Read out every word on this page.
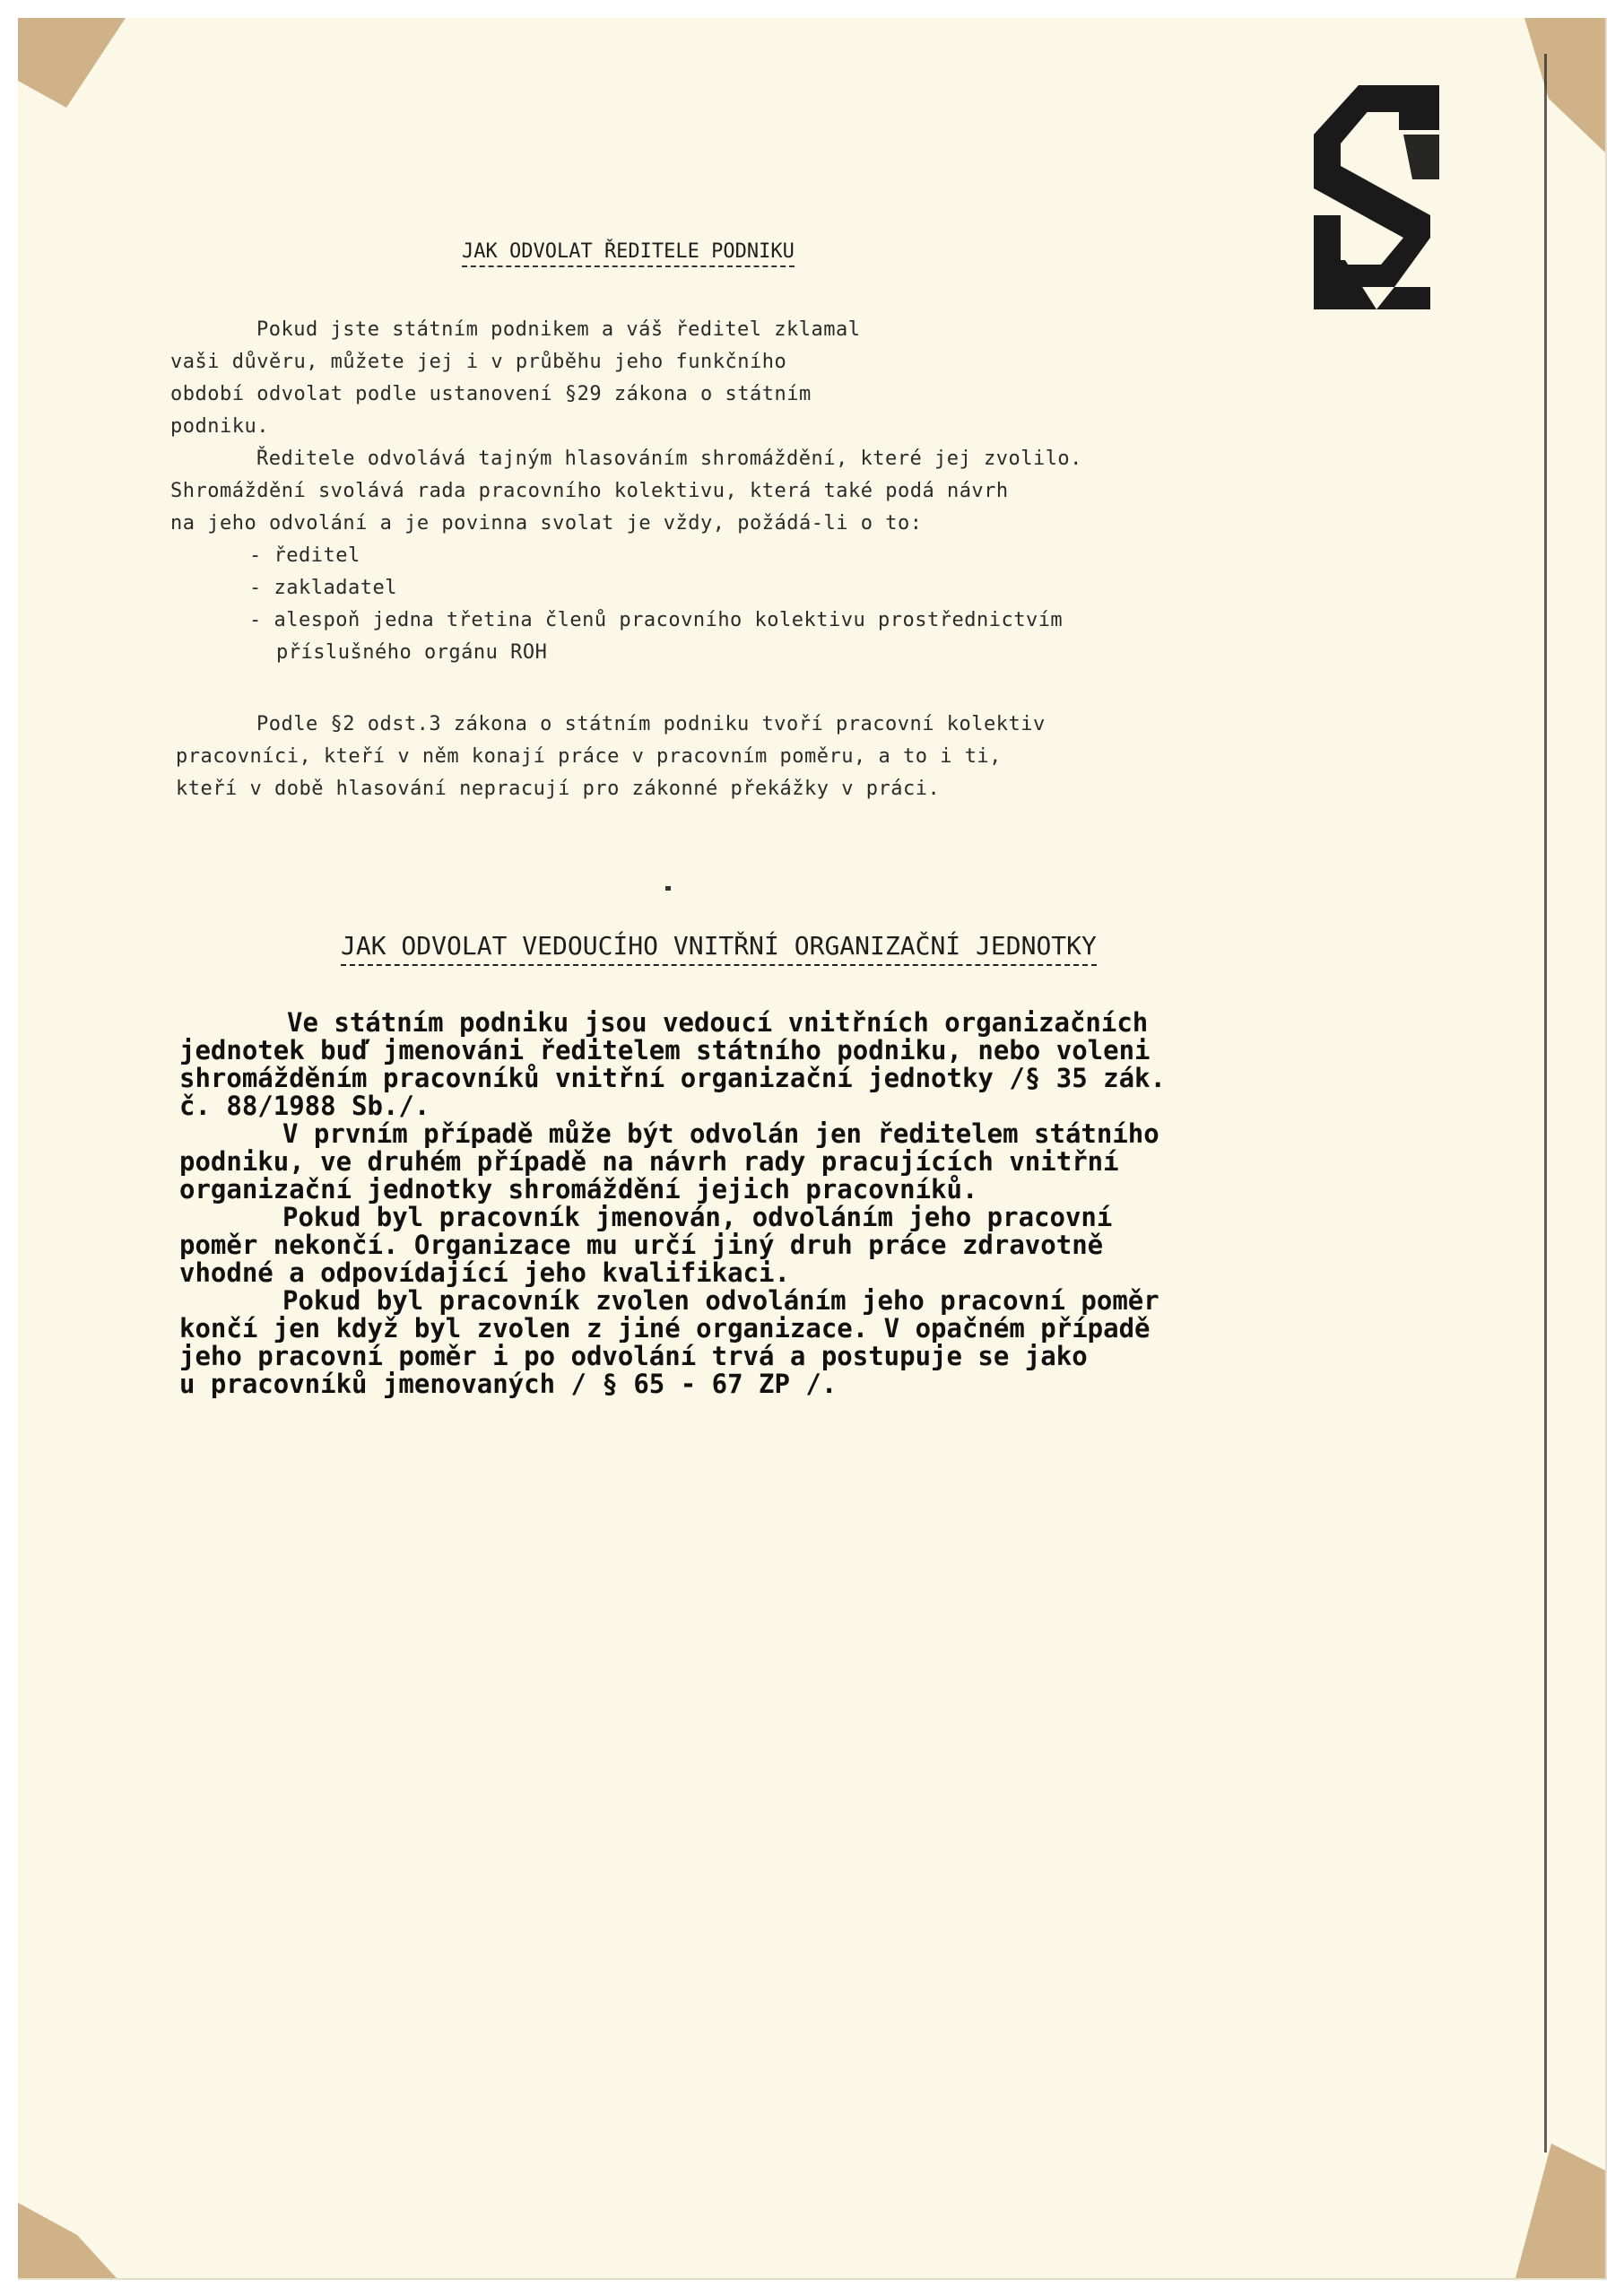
JAK ODVOLAT ŘEDITELE PODNIKU
Pokud jste státním podnikem a váš ředitel zklamal
vaši důvěru, můžete jej i v průběhu jeho funkčního
období odvolat podle ustanovení §29 zákona o státním
podniku.
Ředitele odvolává tajným hlasováním shromáždění, které jej zvolilo.
Shromáždění svolává rada pracovního kolektivu, která také podá návrh
na jeho odvolání a je povinna svolat je vždy, požádá-li o to:
- ředitel
- zakladatel
- alespoň jedna třetina členů pracovního kolektivu prostřednictvím
příslušného orgánu ROH
Podle §2 odst.3 zákona o státním podniku tvoří pracovní kolektiv
pracovníci, kteří v něm konají práce v pracovním poměru, a to i ti,
kteří v době hlasování nepracují pro zákonné překážky v práci.
JAK ODVOLAT VEDOUCÍHO VNITŘNÍ ORGANIZAČNÍ JEDNOTKY
Ve státním podniku jsou vedoucí vnitřních organizačních
jednotek buď jmenováni ředitelem státního podniku, nebo voleni
shromážděním pracovníků vnitřní organizační jednotky /§ 35 zák.
č. 88/1988 Sb./.
V prvním případě může být odvolán jen ředitelem státního
podniku, ve druhém případě na návrh rady pracujících vnitřní
organizační jednotky shromáždění jejich pracovníků.
Pokud byl pracovník jmenován, odvoláním jeho pracovní
poměr nekončí. Organizace mu určí jiný druh práce zdravotně
vhodné a odpovídající jeho kvalifikaci.
Pokud byl pracovník zvolen odvoláním jeho pracovní poměr
končí jen když byl zvolen z jiné organizace. V opačném případě
jeho pracovní poměr i po odvolání trvá a postupuje se jako
u pracovníků jmenovaných / § 65 - 67 ZP /.
